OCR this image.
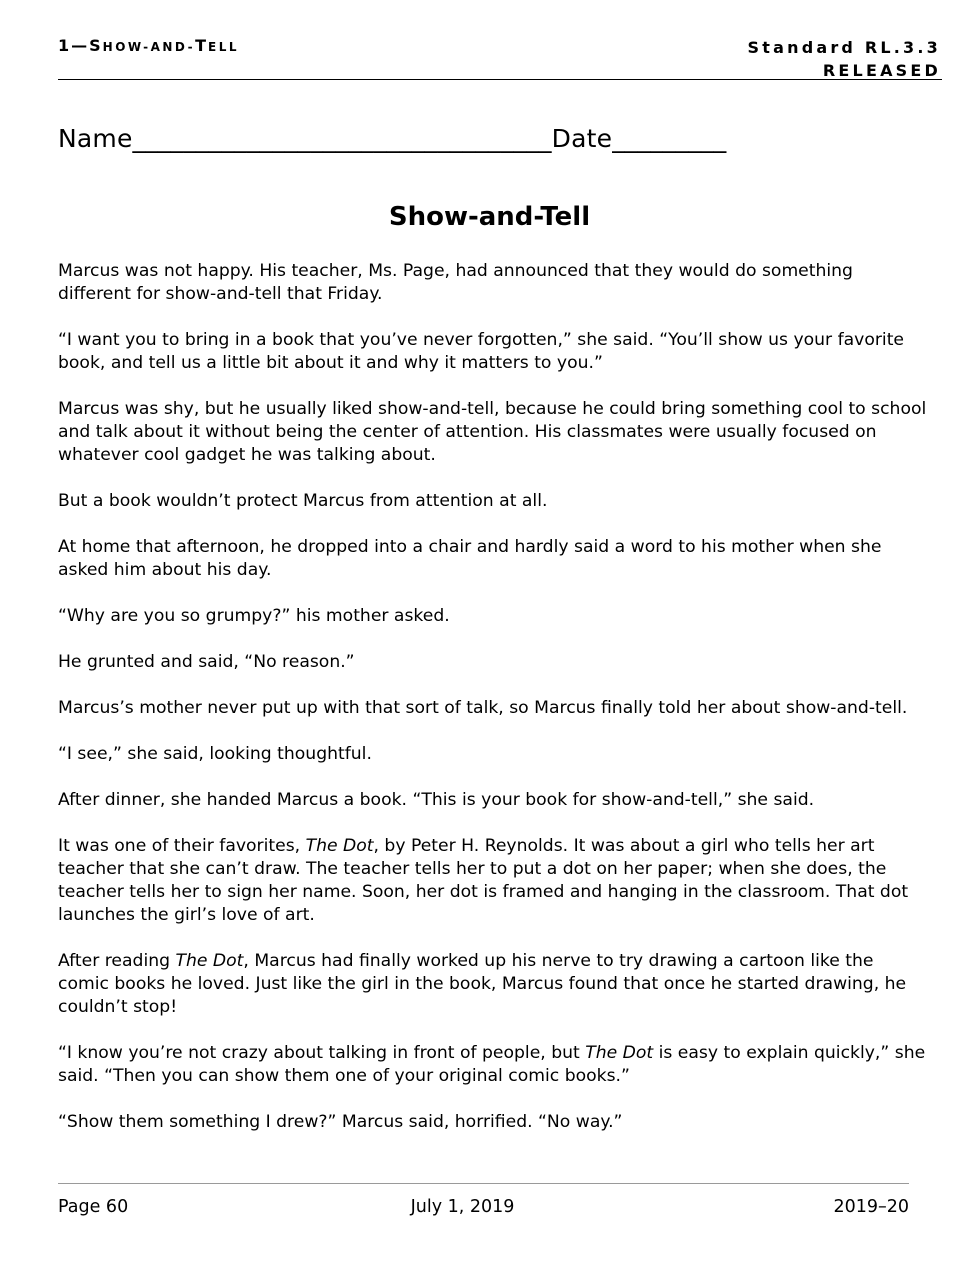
1—SHOW-AND-TELL	Standard RL.3.3
RELEASED
Name_________________________________Date_________
Show-and-Tell

Marcus was not happy. His teacher, Ms. Page, had announced that they would do something different for show-and-tell that Friday.

“I want you to bring in a book that you’ve never forgotten,” she said. “You’ll show us your favorite book, and tell us a little bit about it and why it matters to you.”

Marcus was shy, but he usually liked show-and-tell, because he could bring something cool to school and talk about it without being the center of attention. His classmates were usually focused on whatever cool gadget he was talking about.

But a book wouldn’t protect Marcus from attention at all.

At home that afternoon, he dropped into a chair and hardly said a word to his mother when she asked him about his day.

“Why are you so grumpy?” his mother asked.

He grunted and said, “No reason.”

Marcus’s mother never put up with that sort of talk, so Marcus finally told her about show-and-tell.

“I see,” she said, looking thoughtful.

After dinner, she handed Marcus a book. “This is your book for show-and-tell,” she said.

It was one of their favorites, The Dot, by Peter H. Reynolds. It was about a girl who tells her art teacher that she can’t draw. The teacher tells her to put a dot on her paper; when she does, the teacher tells her to sign her name. Soon, her dot is framed and hanging in the classroom. That dot launches the girl’s love of art.

After reading The Dot, Marcus had finally worked up his nerve to try drawing a cartoon like the comic books he loved. Just like the girl in the book, Marcus found that once he started drawing, he couldn’t stop!

“I know you’re not crazy about talking in front of people, but The Dot is easy to explain quickly,” she said. “Then you can show them one of your original comic books.”

“Show them something I drew?” Marcus said, horrified. “No way.”

Page 60	July 1, 2019	2019–20
